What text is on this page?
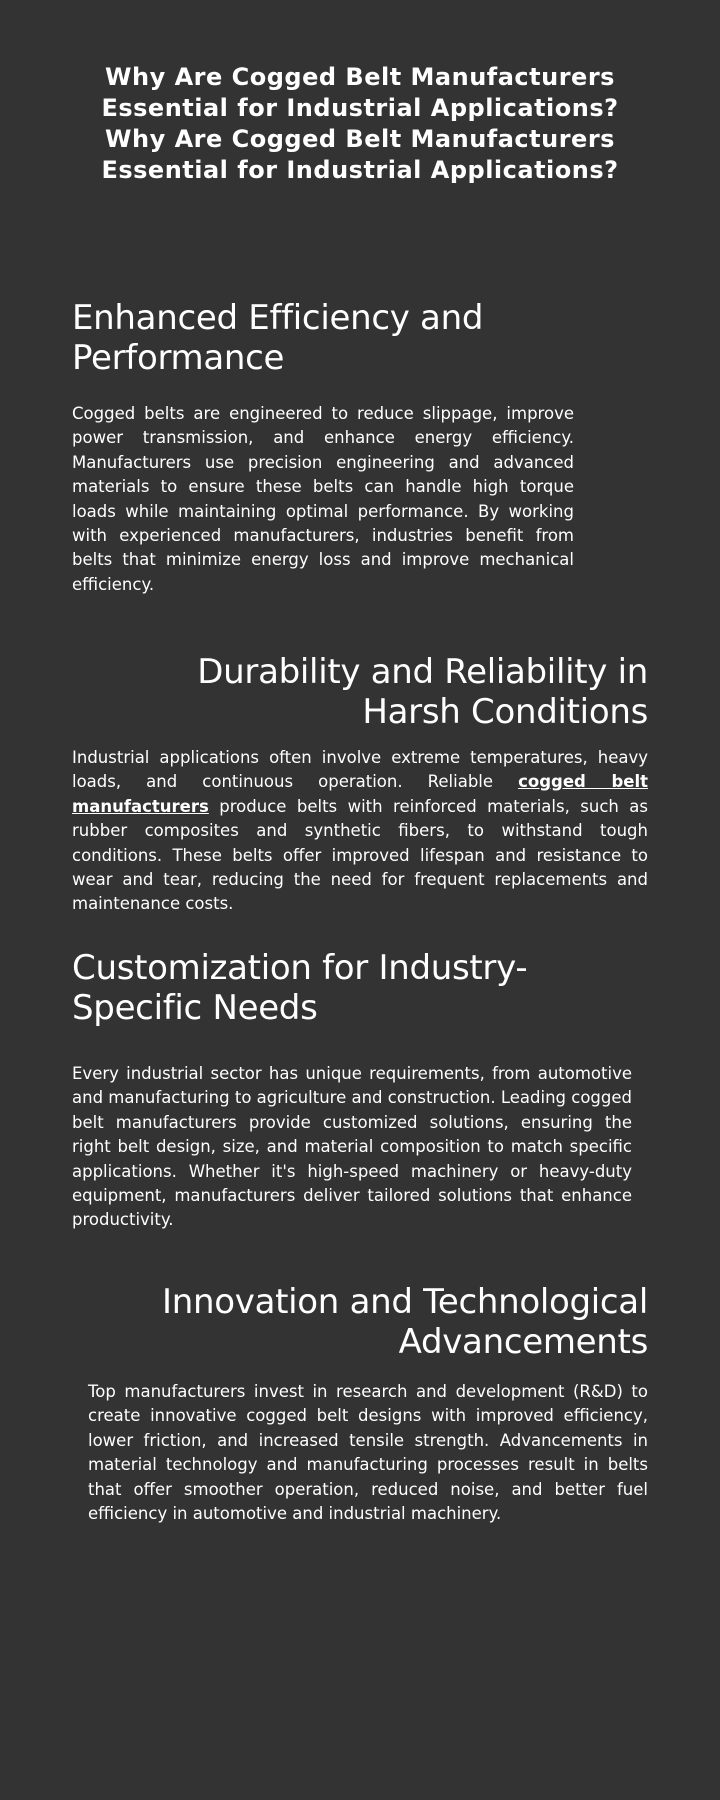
Why Are Cogged Belt Manufacturers Essential for Industrial Applications?Why Are Cogged Belt Manufacturers Essential for Industrial Applications?
Enhanced Efficiency and Performance

Cogged belts are engineered to reduce slippage, improve power transmission, and enhance energy efficiency. Manufacturers use precision engineering and advanced materials to ensure these belts can handle high torque loads while maintaining optimal performance. By working with experienced manufacturers, industries benefit from belts that minimize energy loss and improve mechanical efficiency.

Durability and Reliability in Harsh Conditions

Industrial applications often involve extreme temperatures, heavy loads, and continuous operation. Reliable cogged belt manufacturers produce belts with reinforced materials, such as rubber composites and synthetic fibers, to withstand tough conditions. These belts offer improved lifespan and resistance to wear and tear, reducing the need for frequent replacements and maintenance costs.

Customization for Industry-Specific Needs

Every industrial sector has unique requirements, from automotive and manufacturing to agriculture and construction. Leading cogged belt manufacturers provide customized solutions, ensuring the right belt design, size, and material composition to match specific applications. Whether it's high-speed machinery or heavy-duty equipment, manufacturers deliver tailored solutions that enhance productivity.

Innovation and Technological Advancements

Top manufacturers invest in research and development (R&D) to create innovative cogged belt designs with improved efficiency, lower friction, and increased tensile strength. Advancements in material technology and manufacturing processes result in belts that offer smoother operation, reduced noise, and better fuel efficiency in automotive and industrial machinery.
